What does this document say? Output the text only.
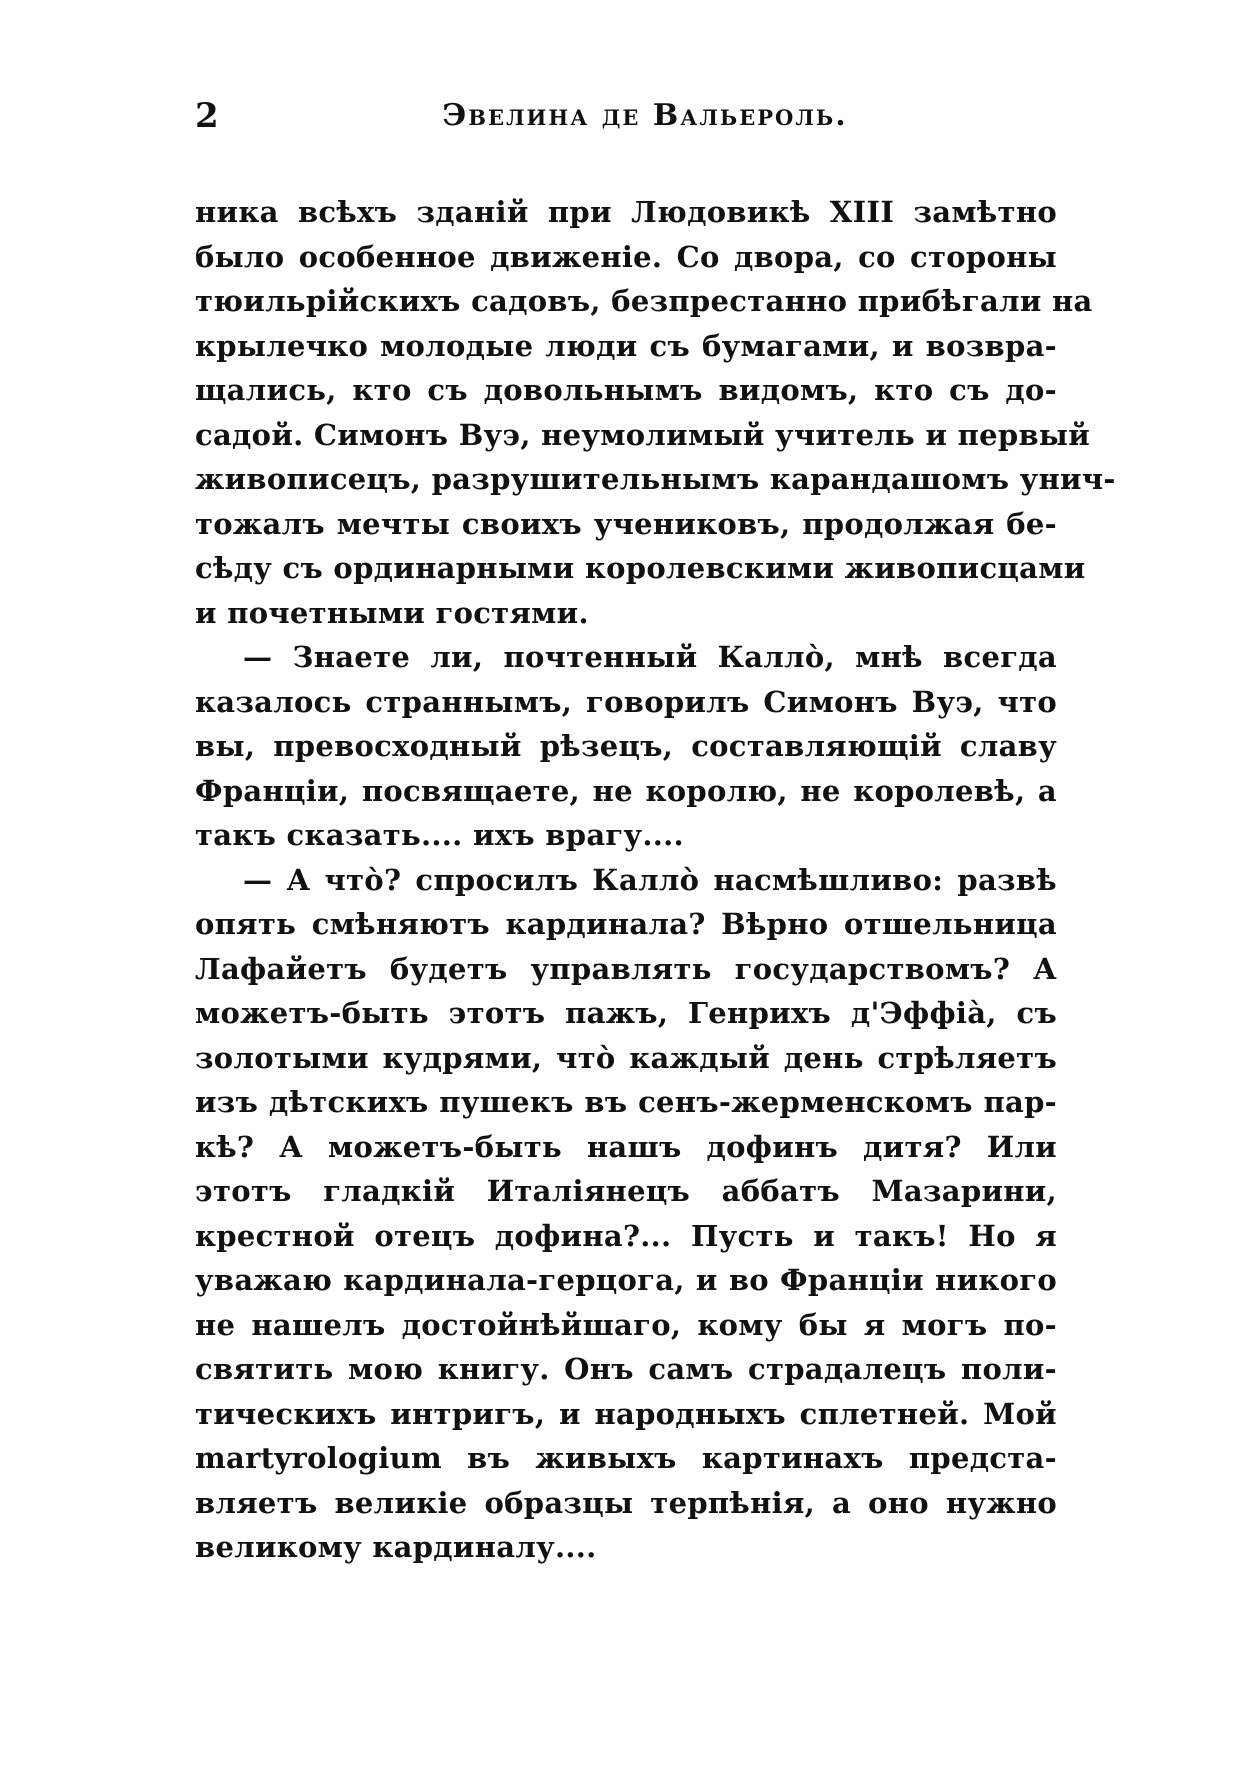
2	Эвелина де Вальероль.
ника всѣхъ зданій при Людовикѣ XIII замѣтно
было особенное движеніе. Со двора, со стороны
тюильрійскихъ садовъ, безпрестанно прибѣгали на
крылечко молодые люди съ бумагами, и возвра-
щались, кто съ довольнымъ видомъ, кто съ до-
садой. Симонъ Вуэ, неумолимый учитель и первый
живописецъ, разрушительнымъ карандашомъ унич-
тожалъ мечты своихъ учениковъ, продолжая бе-
сѣду съ ординарными королевскими живописцами
и почетными гостями.
— Знаете ли, почтенный Калло̀, мнѣ всегда
казалось страннымъ, говорилъ Симонъ Вуэ, что
вы, превосходный рѣзецъ, составляющій славу
Франціи, посвящаете, не королю, не королевѣ, а
такъ сказать.... ихъ врагу....
— А что̀? спросилъ Калло̀ насмѣшливо: развѣ
опять смѣняютъ кардинала? Вѣрно отшельница
Лафайетъ будетъ управлять государствомъ? А
можетъ-быть этотъ пажъ, Генрихъ д'Эффіа̀, съ
золотыми кудрями, что̀ каждый день стрѣляетъ
изъ дѣтскихъ пушекъ въ сенъ-жерменскомъ пар-
кѣ? А можетъ-быть нашъ дофинъ дитя? Или
этотъ гладкій Италіянецъ аббатъ Мазарини,
крестной отецъ дофина?... Пусть и такъ! Но я
уважаю кардинала-герцога, и во Франціи никого
не нашелъ достойнѣйшаго, кому бы я могъ по-
святить мою книгу. Онъ самъ страдалецъ поли-
тическихъ интригъ, и народныхъ сплетней. Мой
martyrologium въ живыхъ картинахъ предста-
вляетъ великіе образцы терпѣнія, а оно нужно
великому кардиналу....
